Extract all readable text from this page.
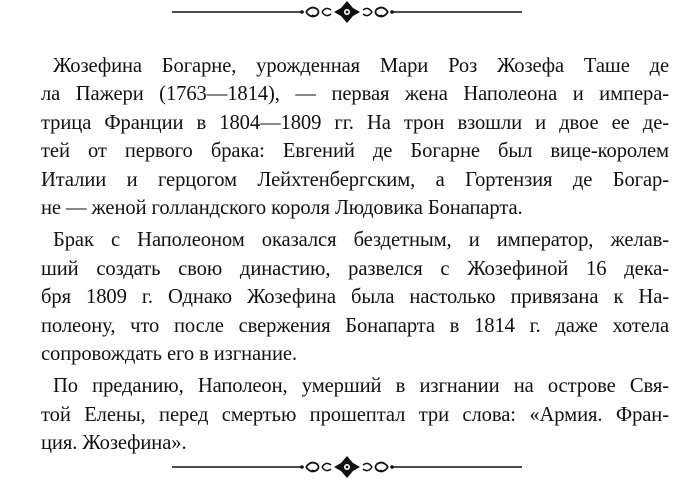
Жозефина Богарне, урожденная Мари Роз Жозефа Таше де
ла Пажери (1763—1814), — первая жена Наполеона и импера-
трица Франции в 1804—1809 гг. На трон взошли и двое ее де-
тей от первого брака: Евгений де Богарне был вице-королем
Италии и герцогом Лейхтенбергским, а Гортензия де Богар-
не — женой голландского короля Людовика Бонапарта.

Брак с Наполеоном оказался бездетным, и император, желав-
ший создать свою династию, развелся с Жозефиной 16 дека-
бря 1809 г. Однако Жозефина была настолько привязана к На-
полеону, что после свержения Бонапарта в 1814 г. даже хотела
сопровождать его в изгнание.

По преданию, Наполеон, умерший в изгнании на острове Свя-
той Елены, перед смертью прошептал три слова: «Армия. Фран-
ция. Жозефина».
